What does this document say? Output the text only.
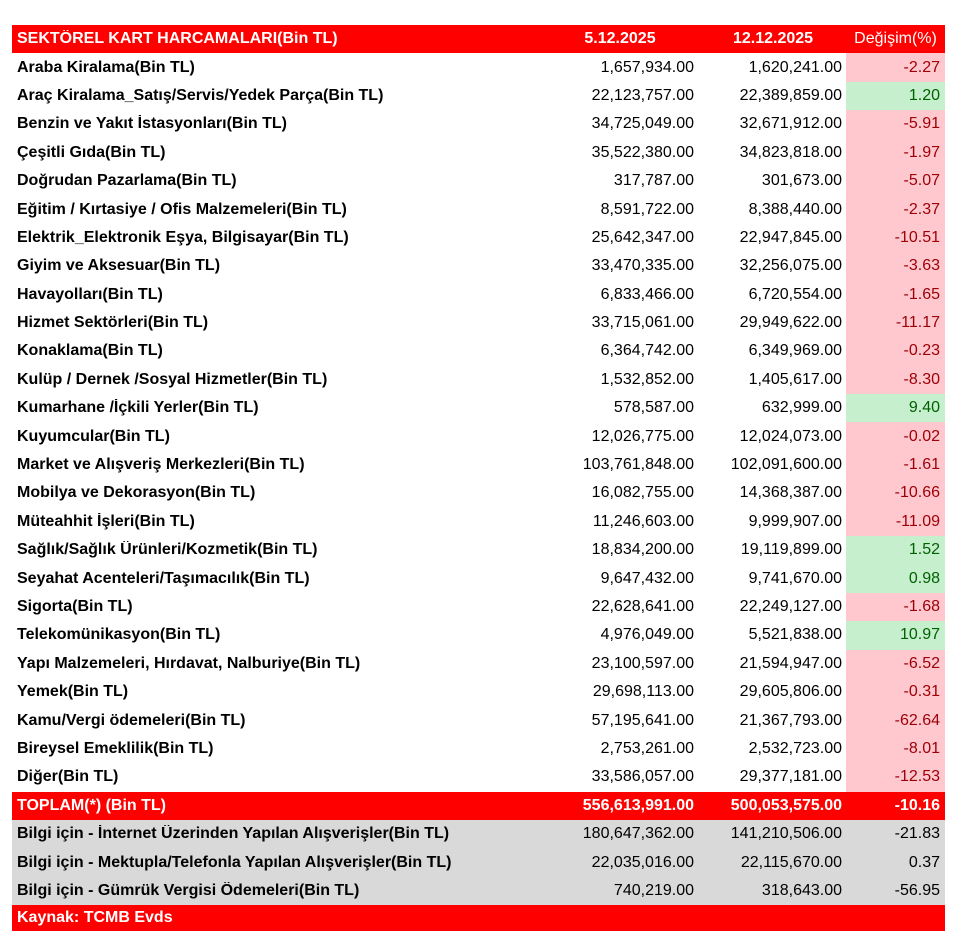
SEKTÖREL KART HARCAMALARI(Bin TL)	5.12.2025	12.12.2025	Değişim(%)
Araba Kiralama(Bin TL)	1,657,934.00	1,620,241.00	-2.27
Araç Kiralama_Satış/Servis/Yedek Parça(Bin TL)	22,123,757.00	22,389,859.00	1.20
Benzin ve Yakıt İstasyonları(Bin TL)	34,725,049.00	32,671,912.00	-5.91
Çeşitli Gıda(Bin TL)	35,522,380.00	34,823,818.00	-1.97
Doğrudan Pazarlama(Bin TL)	317,787.00	301,673.00	-5.07
Eğitim / Kırtasiye / Ofis Malzemeleri(Bin TL)	8,591,722.00	8,388,440.00	-2.37
Elektrik_Elektronik Eşya, Bilgisayar(Bin TL)	25,642,347.00	22,947,845.00	-10.51
Giyim ve Aksesuar(Bin TL)	33,470,335.00	32,256,075.00	-3.63
Havayolları(Bin TL)	6,833,466.00	6,720,554.00	-1.65
Hizmet Sektörleri(Bin TL)	33,715,061.00	29,949,622.00	-11.17
Konaklama(Bin TL)	6,364,742.00	6,349,969.00	-0.23
Kulüp / Dernek /Sosyal Hizmetler(Bin TL)	1,532,852.00	1,405,617.00	-8.30
Kumarhane /İçkili Yerler(Bin TL)	578,587.00	632,999.00	9.40
Kuyumcular(Bin TL)	12,026,775.00	12,024,073.00	-0.02
Market ve Alışveriş Merkezleri(Bin TL)	103,761,848.00	102,091,600.00	-1.61
Mobilya ve Dekorasyon(Bin TL)	16,082,755.00	14,368,387.00	-10.66
Müteahhit İşleri(Bin TL)	11,246,603.00	9,999,907.00	-11.09
Sağlık/Sağlık Ürünleri/Kozmetik(Bin TL)	18,834,200.00	19,119,899.00	1.52
Seyahat Acenteleri/Taşımacılık(Bin TL)	9,647,432.00	9,741,670.00	0.98
Sigorta(Bin TL)	22,628,641.00	22,249,127.00	-1.68
Telekomünikasyon(Bin TL)	4,976,049.00	5,521,838.00	10.97
Yapı Malzemeleri, Hırdavat, Nalburiye(Bin TL)	23,100,597.00	21,594,947.00	-6.52
Yemek(Bin TL)	29,698,113.00	29,605,806.00	-0.31
Kamu/Vergi ödemeleri(Bin TL)	57,195,641.00	21,367,793.00	-62.64
Bireysel Emeklilik(Bin TL)	2,753,261.00	2,532,723.00	-8.01
Diğer(Bin TL)	33,586,057.00	29,377,181.00	-12.53
TOPLAM(*) (Bin TL)	556,613,991.00	500,053,575.00	-10.16
Bilgi için - İnternet Üzerinden Yapılan Alışverişler(Bin TL)	180,647,362.00	141,210,506.00	-21.83
Bilgi için - Mektupla/Telefonla Yapılan Alışverişler(Bin TL)	22,035,016.00	22,115,670.00	0.37
Bilgi için - Gümrük Vergisi Ödemeleri(Bin TL)	740,219.00	318,643.00	-56.95
Kaynak: TCMB Evds
